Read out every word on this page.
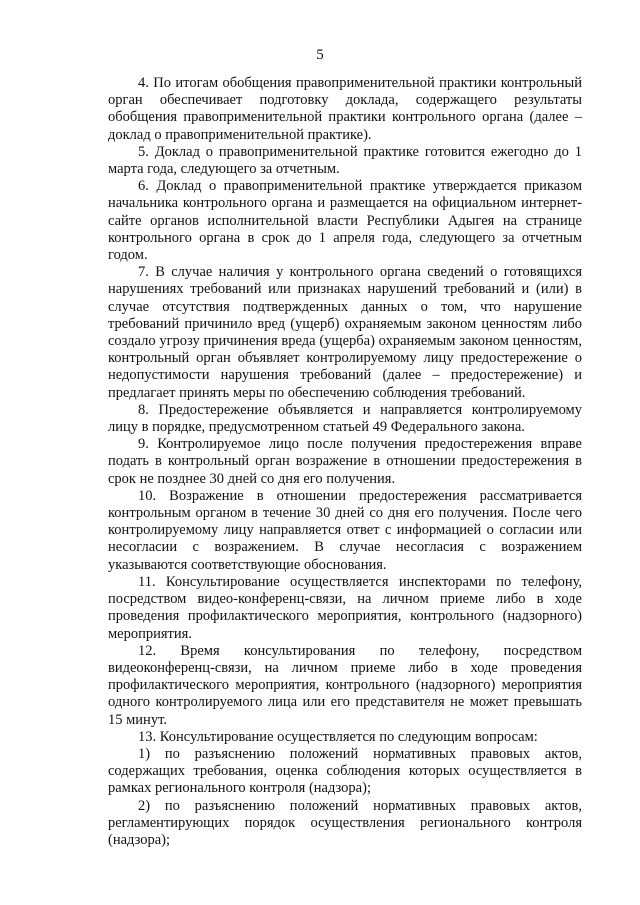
5

4. По итогам обобщения правоприменительной практики контрольный орган обеспечивает подготовку доклада, содержащего результаты обобщения правоприменительной практики контрольного органа (далее – доклад о правоприменительной практике).

5. Доклад о правоприменительной практике готовится ежегодно до 1 марта года, следующего за отчетным.

6. Доклад о правоприменительной практике утверждается приказом начальника контрольного органа и размещается на официальном интернет-сайте органов исполнительной власти Республики Адыгея на странице контрольного органа в срок до 1 апреля года, следующего за отчетным годом.

7. В случае наличия у контрольного органа сведений о готовящихся нарушениях требований или признаках нарушений требований и (или) в случае отсутствия подтвержденных данных о том, что нарушение требований причинило вред (ущерб) охраняемым законом ценностям либо создало угрозу причинения вреда (ущерба) охраняемым законом ценностям, контрольный орган объявляет контролируемому лицу предостережение о недопустимости нарушения требований (далее – предостережение) и предлагает принять меры по обеспечению соблюдения требований.

8. Предостережение объявляется и направляется контролируемому лицу в порядке, предусмотренном статьей 49 Федерального закона.

9. Контролируемое лицо после получения предостережения вправе подать в контрольный орган возражение в отношении предостережения в срок не позднее 30 дней со дня его получения.

10. Возражение в отношении предостережения рассматривается контрольным органом в течение 30 дней со дня его получения. После чего контролируемому лицу направляется ответ с информацией о согласии или несогласии с возражением. В случае несогласия с возражением указываются соответствующие обоснования.

11. Консультирование осуществляется инспекторами по телефону, посредством видео-конференц-связи, на личном приеме либо в ходе проведения профилактического мероприятия, контрольного (надзорного) мероприятия.

12. Время консультирования по телефону, посредством видеоконференц-связи, на личном приеме либо в ходе проведения профилактического мероприятия, контрольного (надзорного) мероприятия одного контролируемого лица или его представителя не может превышать 15 минут.

13. Консультирование осуществляется по следующим вопросам:

1) по разъяснению положений нормативных правовых актов, содержащих требования, оценка соблюдения которых осуществляется в рамках регионального контроля (надзора);

2) по разъяснению положений нормативных правовых актов, регламентирующих порядок осуществления регионального контроля (надзора);
